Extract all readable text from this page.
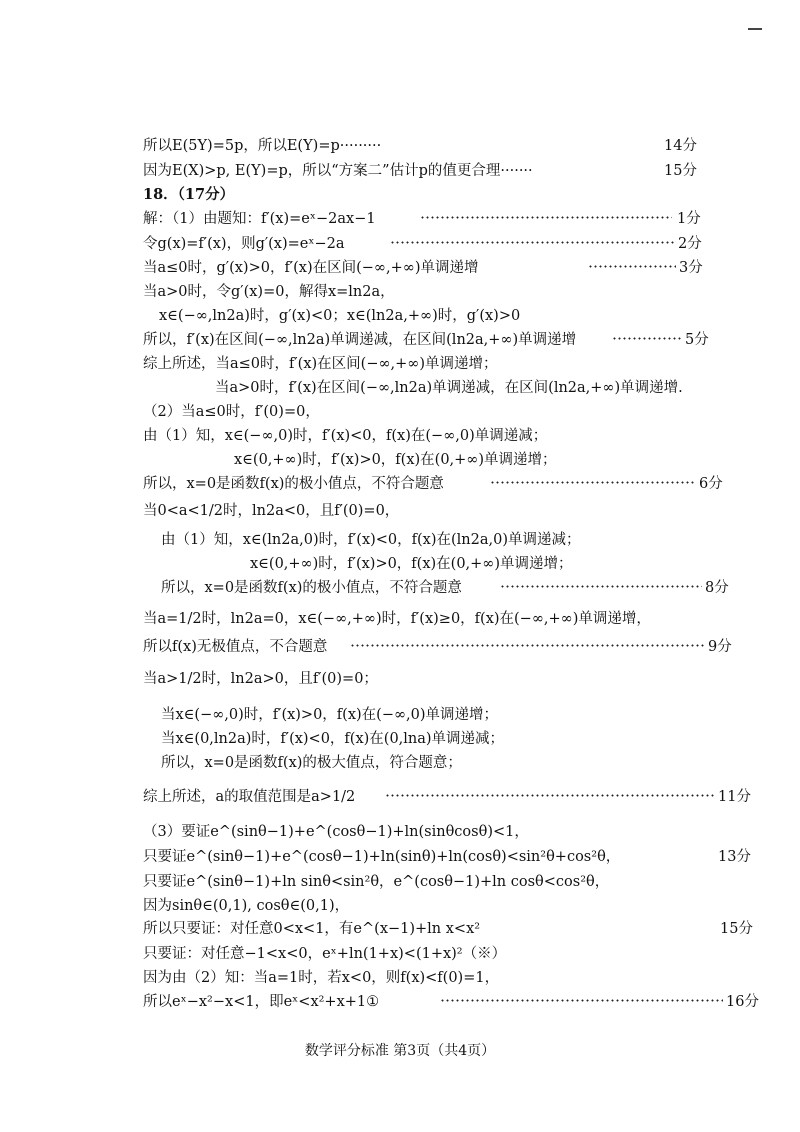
所以E(5Y)=5p，所以E(Y)=p·········	14分
因为E(X)>p, E(Y)=p，所以“方案二”估计p的值更合理·······	15分
18．（17分）
解：（1）由题知：f′(x)=eˣ−2ax−1	1分
令g(x)=f′(x)，则g′(x)=eˣ−2a	2分
当a≤0时，g′(x)>0，f′(x)在区间(−∞,+∞)单调递增	3分
当a>0时，令g′(x)=0，解得x=ln2a，
x∈(−∞,ln2a)时，g′(x)<0；x∈(ln2a,+∞)时，g′(x)>0
所以，f′(x)在区间(−∞,ln2a)单调递减，在区间(ln2a,+∞)单调递增	5分
综上所述，当a≤0时，f′(x)在区间(−∞,+∞)单调递增；
当a>0时，f′(x)在区间(−∞,ln2a)单调递减，在区间(ln2a,+∞)单调递增.
（2）当a≤0时，f′(0)=0，
由（1）知，x∈(−∞,0)时，f′(x)<0，f(x)在(−∞,0)单调递减；
x∈(0,+∞)时，f′(x)>0，f(x)在(0,+∞)单调递增；
所以，x=0是函数f(x)的极小值点，不符合题意	6分
当0<a<1/2时，ln2a<0，且f′(0)=0，
由（1）知，x∈(ln2a,0)时，f′(x)<0，f(x)在(ln2a,0)单调递减；
x∈(0,+∞)时，f′(x)>0，f(x)在(0,+∞)单调递增；
所以，x=0是函数f(x)的极小值点，不符合题意	8分
当a=1/2时，ln2a=0，x∈(−∞,+∞)时，f′(x)≥0，f(x)在(−∞,+∞)单调递增，
所以f(x)无极值点，不合题意	9分
当a>1/2时，ln2a>0，且f′(0)=0；
当x∈(−∞,0)时，f′(x)>0，f(x)在(−∞,0)单调递增；
当x∈(0,ln2a)时，f′(x)<0，f(x)在(0,lna)单调递减；
所以，x=0是函数f(x)的极大值点，符合题意；
综上所述，a的取值范围是a>1/2	11分
（3）要证e^(sinθ−1)+e^(cosθ−1)+ln(sinθcosθ)<1，
只要证e^(sinθ−1)+e^(cosθ−1)+ln(sinθ)+ln(cosθ)<sin²θ+cos²θ，	13分
只要证e^(sinθ−1)+ln sinθ<sin²θ，e^(cosθ−1)+ln cosθ<cos²θ，
因为sinθ∈(0,1), cosθ∈(0,1)，
所以只要证：对任意0<x<1，有e^(x−1)+ln x<x²	15分
只要证：对任意−1<x<0，eˣ+ln(1+x)<(1+x)²（※）
因为由（2）知：当a=1时，若x<0，则f(x)<f(0)=1，
所以eˣ−x²−x<1，即eˣ<x²+x+1①	16分
数学评分标准 第3页（共4页）
